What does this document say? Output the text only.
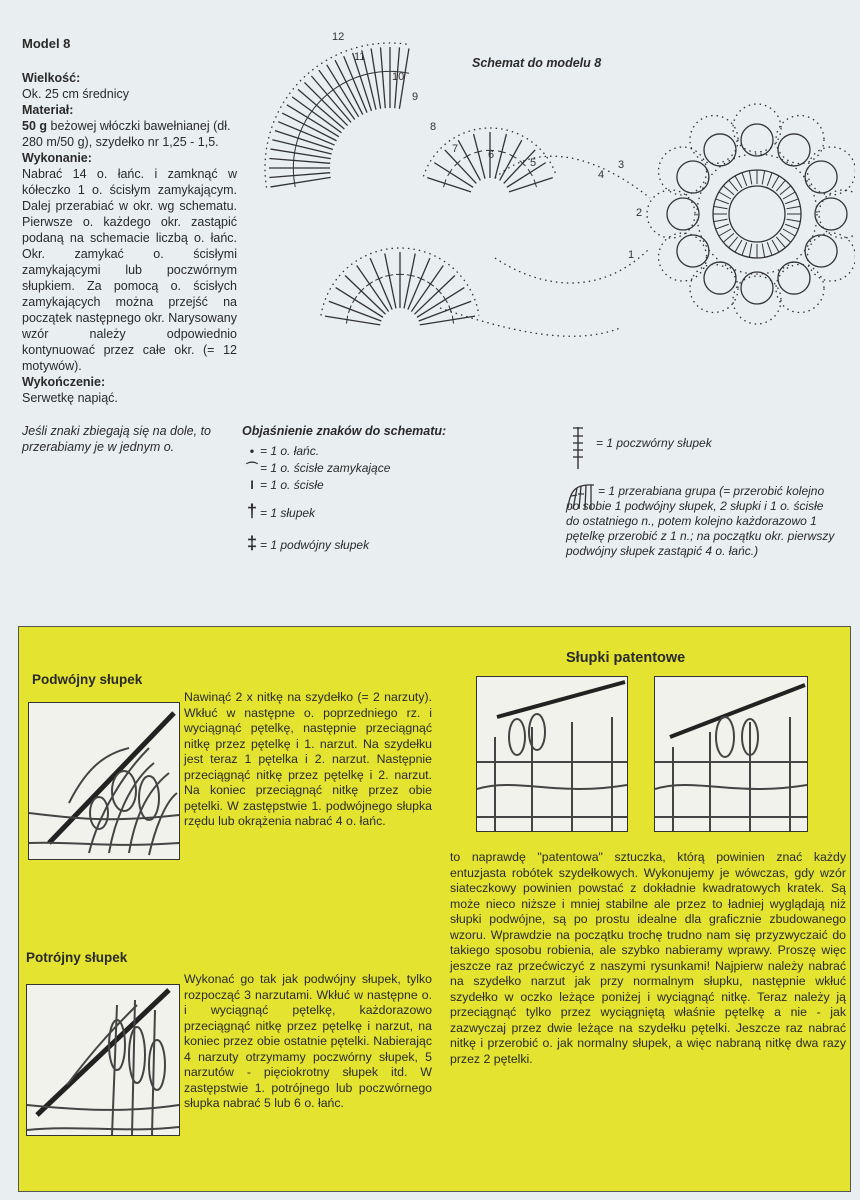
Model 8

Wielkość:

Ok. 25 cm średnicy

Materiał:

50 g beżowej włóczki bawełnianej (dł. 280 m/50 g), szydełko nr 1,25 - 1,5.

Wykonanie:

Nabrać 14 o. łańc. i zamknąć w kółeczko 1 o. ścisłym zamykającym. Dalej przerabiać w okr. wg schematu. Pierwsze o. każdego okr. zastąpić podaną na schemacie liczbą o. łańc. Okr. zamykać o. ścisłymi zamykającymi lub poczwórnym słupkiem. Za pomocą o. ścisłych zamykających można przejść na początek następnego okr. Narysowany wzór należy odpowiednio kontynuować przez całe okr. (= 12 motywów).

Wykończenie:

Serwetkę napiąć.

Jeśli znaki zbiegają się na dole, to przerabiamy je w jednym o.

Schemat do modelu 8
12
11
10
9
8
7	6
5
4
3
2
1
Objaśnienie znaków do schematu:
• = 1 o. łańc.
⌒ = 1 o. ścisłe zamykające
I = 1 o. ścisłe
† = 1 słupek
‡ = 1 podwójny słupek
= 1 poczwórny słupek
= 1 przerabiana grupa (= przerobić kolejno po sobie 1 podwójny słupek, 2 słupki i 1 o. ścisłe do ostatniego n., potem kolejno każdorazowo 1 pętelkę przerobić z 1 n.; na początku okr. pierwszy podwójny słupek zastąpić 4 o. łańc.)
Podwójny słupek
Nawinąć 2 x nitkę na szydełko (= 2 narzuty). Wkłuć w następne o. poprzedniego rz. i wyciągnąć pętelkę, następnie przeciągnąć nitkę przez pętelkę i 1. narzut. Na szydełku jest teraz 1 pętelka i 2. narzut. Następnie przeciągnąć nitkę przez pętelkę i 2. narzut. Na koniec przeciągnąć nitkę przez obie pętelki. W zastępstwie 1. podwójnego słupka rzędu lub okrążenia nabrać 4 o. łańc.
Potrójny słupek
Wykonać go tak jak podwójny słupek, tylko rozpocząć 3 narzutami. Wkłuć w następne o. i wyciągnąć pętelkę, każdorazowo przeciągnąć nitkę przez pętelkę i narzut, na koniec przez obie ostatnie pętelki. Nabierając 4 narzuty otrzymamy poczwórny słupek, 5 narzutów - pięciokrotny słupek itd. W zastępstwie 1. potrójnego lub poczwórnego słupka nabrać 5 lub 6 o. łańc.
Słupki patentowe
to naprawdę "patentowa" sztuczka, którą powinien znać każdy entuzjasta robótek szydełkowych. Wykonujemy je wówczas, gdy wzór siateczkowy powinien powstać z dokładnie kwadratowych kratek. Są może nieco niższe i mniej stabilne ale przez to ładniej wyglądają niż słupki podwójne, są po prostu idealne dla graficznie zbudowanego wzoru. Wprawdzie na początku trochę trudno nam się przyzwyczaić do takiego sposobu robienia, ale szybko nabieramy wprawy. Proszę więc jeszcze raz przećwiczyć z naszymi rysunkami! Najpierw należy nabrać na szydełko narzut jak przy normalnym słupku, następnie wkłuć szydełko w oczko leżące poniżej i wyciągnąć nitkę. Teraz należy ją przeciągnąć tylko przez wyciągniętą właśnie pętelkę a nie - jak zazwyczaj przez dwie leżące na szydełku pętelki. Jeszcze raz nabrać nitkę i przerobić o. jak normalny słupek, a więc nabraną nitkę dwa razy przez 2 pętelki.
